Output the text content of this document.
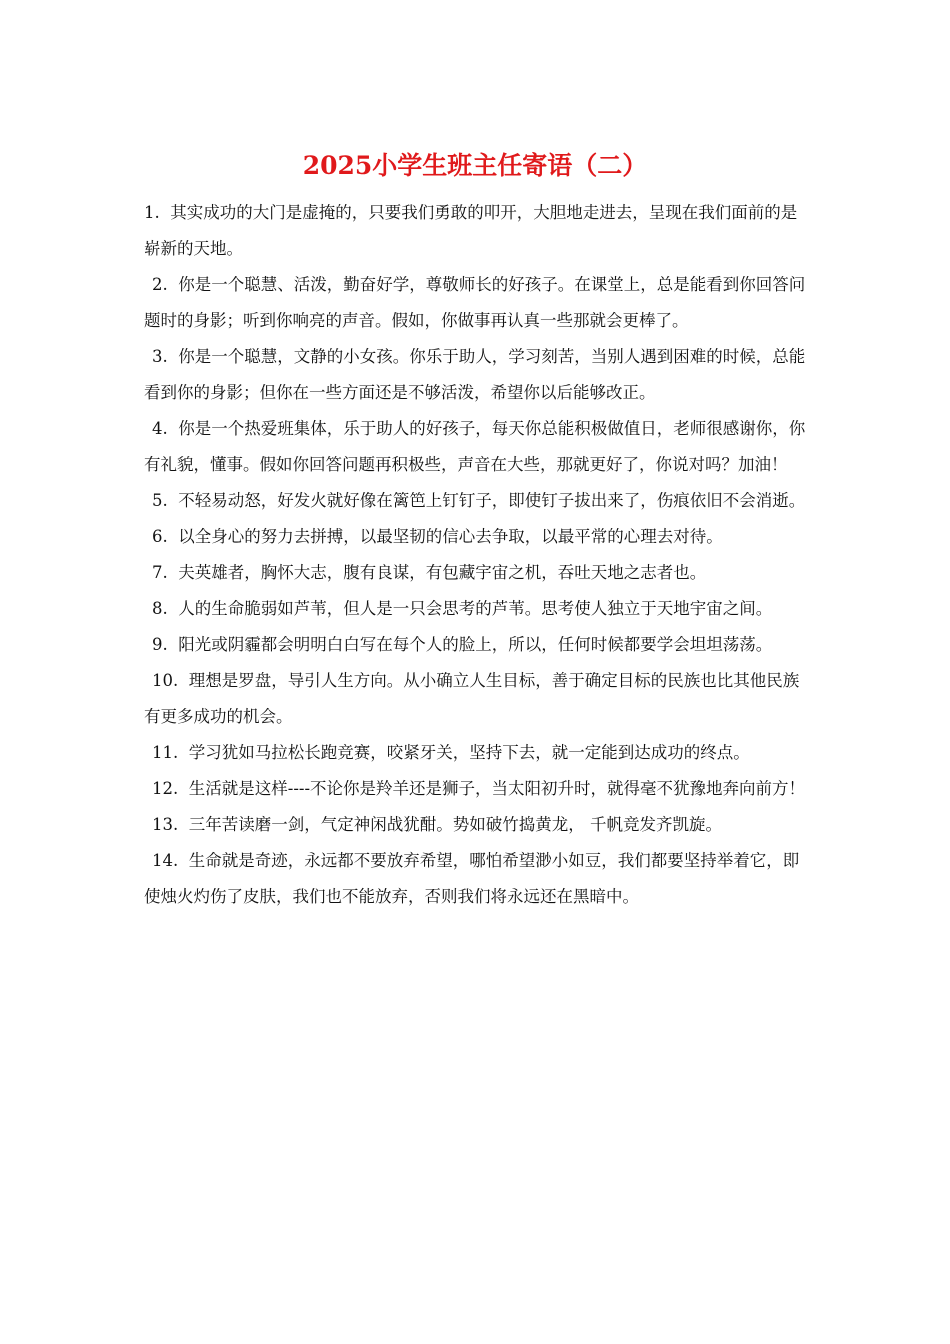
2025小学生班主任寄语（二）

1. 其实成功的大门是虚掩的，只要我们勇敢的叩开，大胆地走进去，呈现在我们面前的是崭新的天地。

2. 你是一个聪慧、活泼，勤奋好学，尊敬师长的好孩子。在课堂上，总是能看到你回答问题时的身影；听到你响亮的声音。假如，你做事再认真一些那就会更棒了。

3. 你是一个聪慧，文静的小女孩。你乐于助人，学习刻苦，当别人遇到困难的时候，总能看到你的身影；但你在一些方面还是不够活泼，希望你以后能够改正。

4. 你是一个热爱班集体，乐于助人的好孩子，每天你总能积极做值日，老师很感谢你，你有礼貌，懂事。假如你回答问题再积极些，声音在大些，那就更好了，你说对吗？加油！

5. 不轻易动怒，好发火就好像在篱笆上钉钉子，即使钉子拔出来了，伤痕依旧不会消逝。

6. 以全身心的努力去拼搏，以最坚韧的信心去争取，以最平常的心理去对待。

7. 夫英雄者，胸怀大志，腹有良谋，有包藏宇宙之机，吞吐天地之志者也。

8. 人的生命脆弱如芦苇，但人是一只会思考的芦苇。思考使人独立于天地宇宙之间。

9. 阳光或阴霾都会明明白白写在每个人的脸上，所以，任何时候都要学会坦坦荡荡。

10. 理想是罗盘，导引人生方向。从小确立人生目标，善于确定目标的民族也比其他民族有更多成功的机会。

11. 学习犹如马拉松长跑竞赛，咬紧牙关，坚持下去，就一定能到达成功的终点。

12. 生活就是这样----不论你是羚羊还是狮子，当太阳初升时，就得毫不犹豫地奔向前方！

13. 三年苦读磨一剑，气定神闲战犹酣。势如破竹捣黄龙， 千帆竞发齐凯旋。

14. 生命就是奇迹，永远都不要放弃希望，哪怕希望渺小如豆，我们都要坚持举着它，即使烛火灼伤了皮肤，我们也不能放弃，否则我们将永远还在黑暗中。
